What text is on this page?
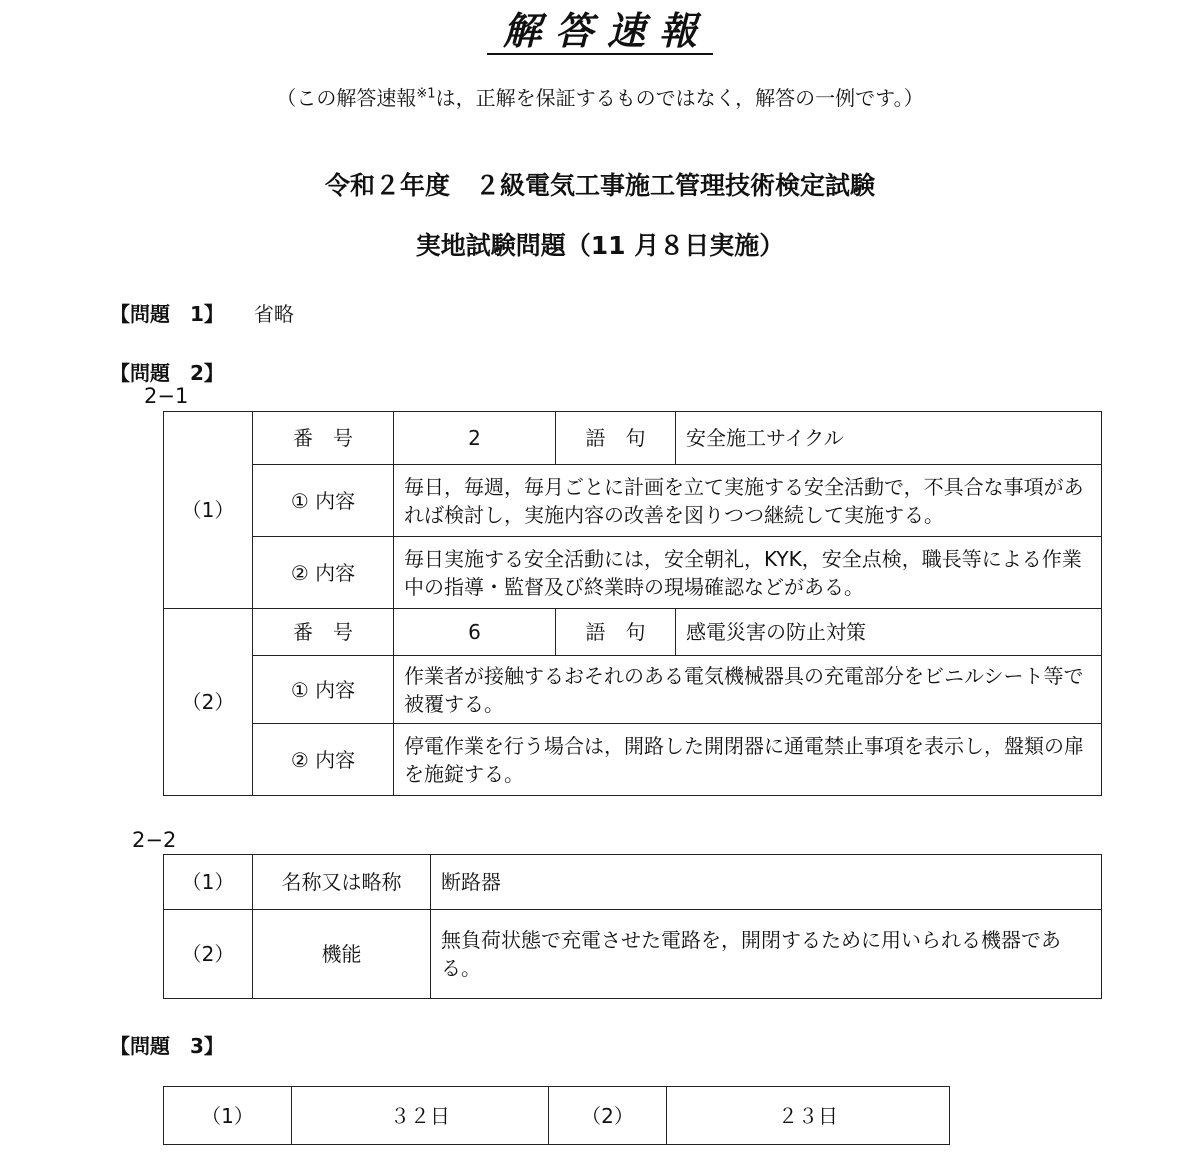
解答速報
（この解答速報$^{※1}$は，正解を保証するものではなく，解答の一例です。）
令和２年度　２級電気工事施工管理技術検定試験
実地試験問題（11 月８日実施）
【問題　1】 省略
【問題　2】
2−1
（1）	番　号	2	語　句	安全施工サイクル
	① 内容	毎日，毎週，毎月ごとに計画を立て実施する安全活動で，不具合な事項があれば検討し，実施内容の改善を図りつつ継続して実施する。		
	② 内容	毎日実施する安全活動には，安全朝礼，KYK，安全点検，職長等による作業中の指導・監督及び終業時の現場確認などがある。		
（2）	番　号	6	語　句	感電災害の防止対策
	① 内容	作業者が接触するおそれのある電気機械器具の充電部分をビニルシート等で被覆する。		
	② 内容	停電作業を行う場合は，開路した開閉器に通電禁止事項を表示し，盤類の扉を施錠する。		
2−2
（1）	名称又は略称	断路器
（2）	機能	無負荷状態で充電させた電路を，開閉するために用いられる機器である。
【問題　3】
（1）	３２日	（2）	２３日
